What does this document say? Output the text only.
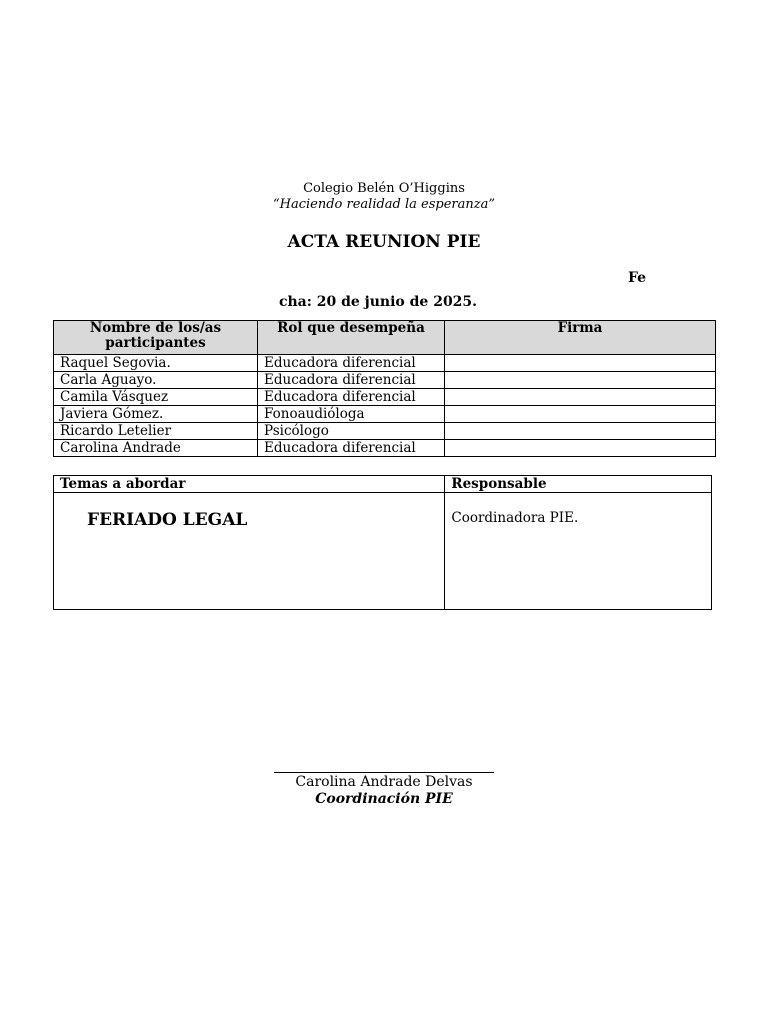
Colegio Belén O’Higgins
“Haciendo realidad la esperanza”
ACTA REUNION PIE
Fe
cha: 20 de junio de 2025.
Nombre de los/as participantes	Rol que desempeña	Firma
Raquel Segovia.	Educadora diferencial	
Carla Aguayo.	Educadora diferencial	
Camila Vásquez	Educadora diferencial	
Javiera Gómez.	Fonoaudióloga	
Ricardo Letelier	Psicólogo	
Carolina Andrade	Educadora diferencial	
Temas a abordar	Responsable

FERIADO LEGAL	Coordinadora PIE.
Carolina Andrade Delvas
Coordinación PIE
